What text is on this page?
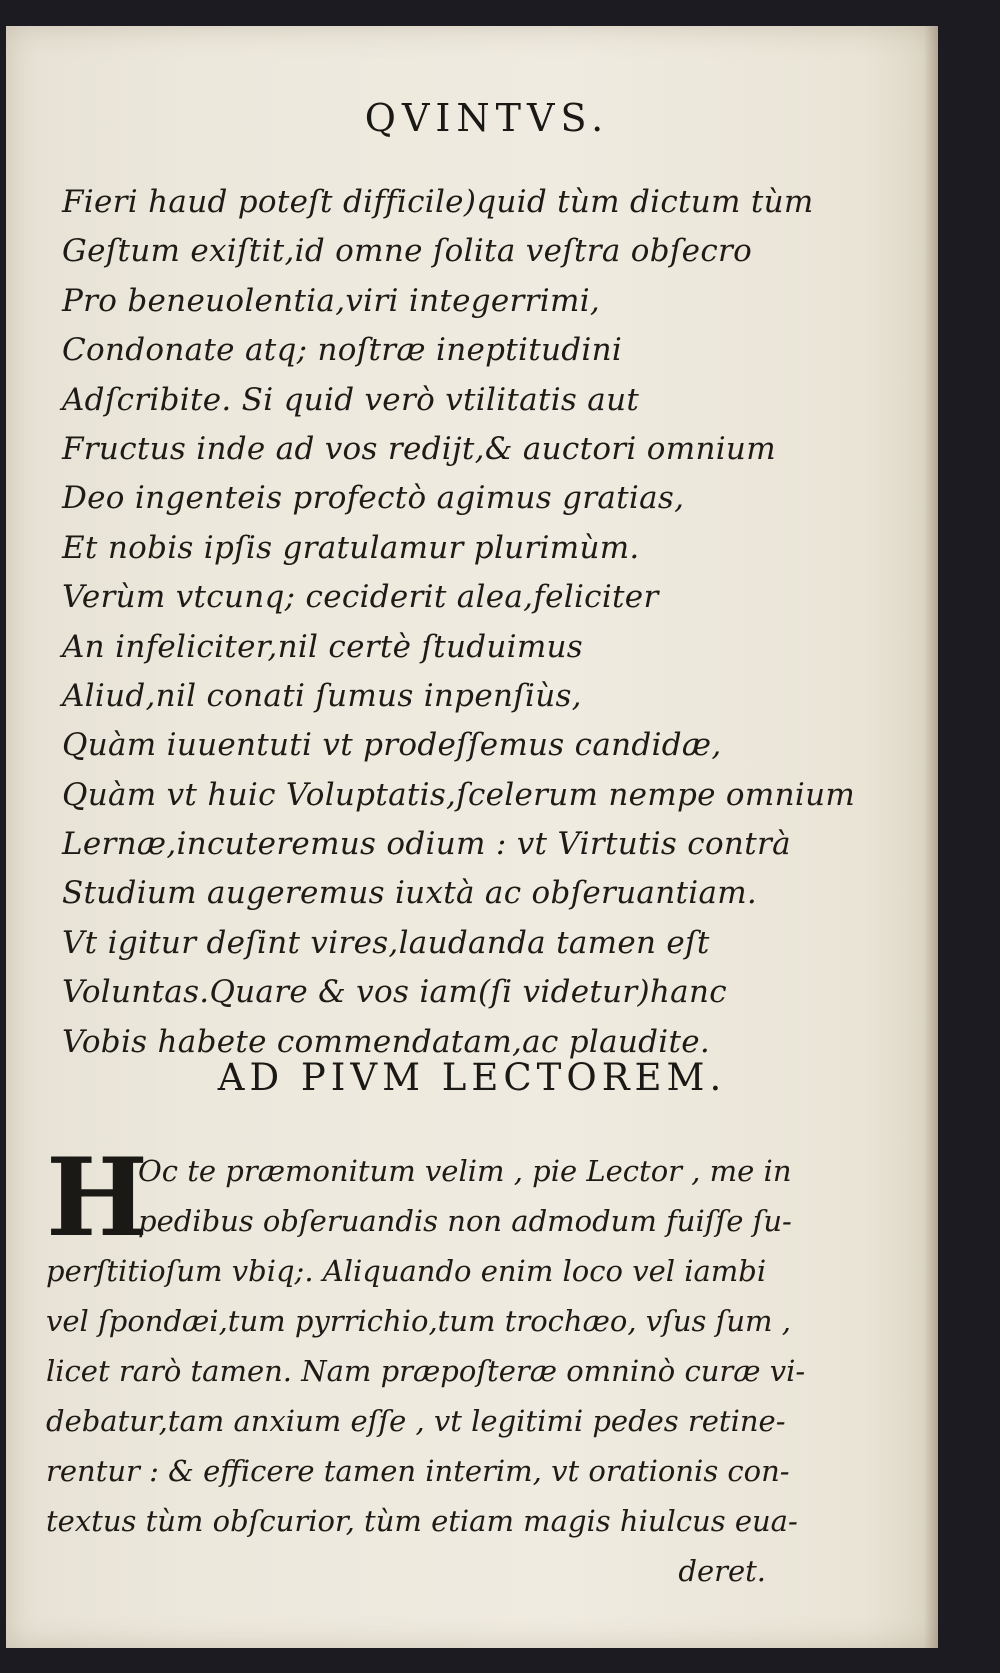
QVINTVS.
Fieri haud poteſt difficile)quid tùm dictum tùm
Geſtum exiſtit,id omne ſolita veſtra obſecro
Pro beneuolentia,viri integerrimi,
Condonate atq; noſtræ ineptitudini
Adſcribite. Si quid verò vtilitatis aut
Fructus inde ad vos redijt,& auctori omnium
Deo ingenteis profectò agimus gratias,
Et nobis ipſis gratulamur plurimùm.
Verùm vtcunq; ceciderit alea,feliciter
An infeliciter,nil certè ſtuduimus
Aliud,nil conati ſumus inpenſiùs,
Quàm iuuentuti vt prodeſſemus candidæ,
Quàm vt huic Voluptatis,ſcelerum nempe omnium
Lernæ,incuteremus odium : vt Virtutis contrà
Studium augeremus iuxtà ac obſeruantiam.
Vt igitur deſint vires,laudanda tamen eſt
Voluntas.Quare & vos iam(ſi videtur)hanc
Vobis habete commendatam,ac plaudite.
AD PIVM LECTOREM.
H
Oc te præmonitum velim , pie Lector , me in
pedibus obſeruandis non admodum fuiſſe ſu-
perſtitioſum vbiq;. Aliquando enim loco vel iambi
vel ſpondæi,tum pyrrichio,tum trochæo, vſus ſum ,
licet rarò tamen. Nam præpoſteræ omninò curæ vi-
debatur,tam anxium eſſe , vt legitimi pedes retine-
rentur : & efficere tamen interim, vt orationis con-
textus tùm obſcurior, tùm etiam magis hiulcus eua-
deret.
